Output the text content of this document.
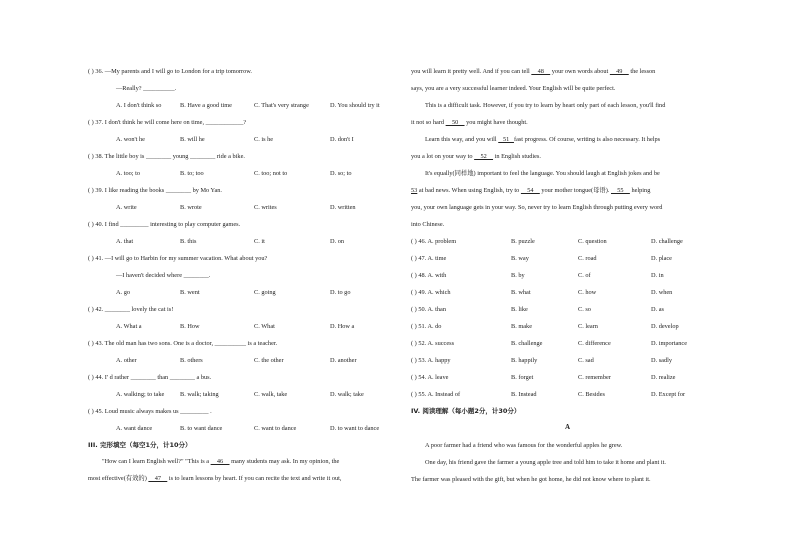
( ) 36. —My parents and I will go to London for a trip tomorrow.
—Really? __________.
A. I don't think so	B. Have a good time	C. That's very strange	D. You should try it
( ) 37. I don't think he will come here on time, ____________?
A. won't he	B. will he	C. is he	D. don't I
( ) 38. The little boy is ________ young ________ ride a bike.
A. too; to	B. to; too	C. too; not to	D. so; to
( ) 39. I like reading the books ________ by Mo Yan.
A. write	B. wrote	C. writes	D. written
( ) 40. I find _________ interesting to play computer games.
A. that	B. this	C. it	D. on
( ) 41. —I will go to Harbin for my summer vacation. What about you?
—I haven't decided where ________.
A. go	B. went	C. going	D. to go
( ) 42. ________ lovely the cat is!
A. What a	B. How	C. What	D. How a
( ) 43. The old man has two sons. One is a doctor, __________ is a teacher.
A. other	B. others	C. the other	D. another
( ) 44. I' d rather ________ than ________ a bus.
A. walking; to take B. walk; taking	C. walk, take	D. walk; take
( ) 45. Loud music always makes us _________ .
A. want dance	B. to want dance	C. want to dance	D. to want to dance
III. 完形填空（每空1分，计10分）
"How can I learn English well?" "This is a     46     many students may ask. In my opinion, the
most effective(有效的)     47     is to learn lessons by heart. If you can recite the text and write it out,
you will learn it pretty well. And if you can tell     48     your own words about     49     the lesson
says, you are a very successful learner indeed. Your English will be quite perfect.
This is a difficult task. However, if you try to learn by heart only part of each lesson, you'll find
it not so hard     50     you might have thought.
Learn this way, and you will    51   fast progress. Of course, writing is also necessary. It helps
you a lot on your way to     52     in English studies.
It's equally(同样地) important to feel the language. You should laugh at English jokes and be
53 at bad news. When using English, try to     54     your mother tongue(母语).     55     helping
you, your own language gets in your way. So, never try to learn English through putting every word
into Chinese.
( ) 46. A. problem	B. puzzle	C. question	D. challenge
( ) 47. A. time	B. way	C. road	D. place
( ) 48. A. with	B. by	C. of	D. in
( ) 49. A. which	B. what	C. how	D. when
( ) 50. A. than	B. like	C. so	D. as
( ) 51. A. do	B. make	C. learn	D. develop
( ) 52. A. success	B. challenge	C. difference	D. importance
( ) 53. A. happy	B. happily	C. sad	D. sadly
( ) 54. A. leave	B. forget	C. remember	D. realize
( ) 55. A. Instead of	B. Instead	C. Besides	D. Except for
IV. 阅读理解（每小题2分，计30分）
A
A poor farmer had a friend who was famous for the wonderful apples he grew.
One day, his friend gave the farmer a young apple tree and told him to take it home and plant it.
The farmer was pleased with the gift, but when he got home, he did not know where to plant it.
